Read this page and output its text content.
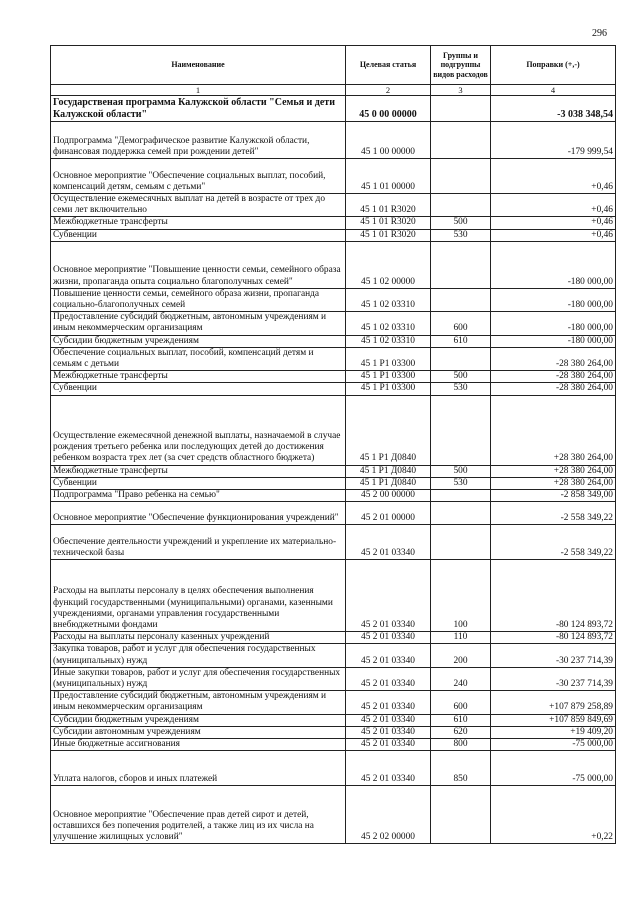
296
Наименование	Целевая статья	Группы и подгруппы видов расходов	Поправки (+,-)
1	2	3	4
Государственая программа Калужской области "Семья и дети Калужской области"	45 0 00 00000		-3 038 348,54
Подпрограмма "Демографическое развитие Калужской области, финансовая поддержка семей при рождении детей"	45 1 00 00000		-179 999,54
Основное мероприятие "Обеспечение социальных выплат, пособий, компенсаций детям, семьям с детьми"	45 1 01 00000		+0,46
Осуществление ежемесячных выплат на детей в возрасте от трех до семи лет включительно	45 1 01 R3020		+0,46
Межбюджетные трансферты	45 1 01 R3020	500	+0,46
Субвенции	45 1 01 R3020	530	+0,46
Основное мероприятие "Повышение ценности семьи, семейного образа жизни, пропаганда опыта социально благополучных семей"	45 1 02 00000		-180 000,00
Повышение ценности семьи, семейного образа жизни, пропаганда социально-благополучных семей	45 1 02 03310		-180 000,00
Предоставление субсидий бюджетным, автономным учреждениям и иным некоммерческим организациям	45 1 02 03310	600	-180 000,00
Субсидии бюджетным учреждениям	45 1 02 03310	610	-180 000,00
Обеспечение социальных выплат, пособий, компенсаций детям и семьям с детьми	45 1 P1 03300		-28 380 264,00
Межбюджетные трансферты	45 1 P1 03300	500	-28 380 264,00
Субвенции	45 1 P1 03300	530	-28 380 264,00
Осуществление ежемесячной денежной выплаты, назначаемой в случае рождения третьего ребенка или последующих детей до достижения ребенком возраста трех лет (за счет средств областного бюджета)	45 1 P1 Д0840		+28 380 264,00
Межбюджетные трансферты	45 1 P1 Д0840	500	+28 380 264,00
Субвенции	45 1 P1 Д0840	530	+28 380 264,00
Подпрограмма "Право ребенка на семью"	45 2 00 00000		-2 858 349,00
Основное мероприятие "Обеспечение функционирования учреждений"	45 2 01 00000		-2 558 349,22
Обеспечение деятельности учреждений и укрепление их материально-технической базы	45 2 01 03340		-2 558 349,22
Расходы на выплаты персоналу в целях обеспечения выполнения функций государственными (муниципальными) органами, казенными учреждениями, органами управления государственными внебюджетными фондами	45 2 01 03340	100	-80 124 893,72
Расходы на выплаты персоналу казенных учреждений	45 2 01 03340	110	-80 124 893,72
Закупка товаров, работ и услуг для обеспечения государственных (муниципальных) нужд	45 2 01 03340	200	-30 237 714,39
Иные закупки товаров, работ и услуг для обеспечения государственных (муниципальных) нужд	45 2 01 03340	240	-30 237 714,39
Предоставление субсидий бюджетным, автономным учреждениям и иным некоммерческим организациям	45 2 01 03340	600	+107 879 258,89
Субсидии бюджетным учреждениям	45 2 01 03340	610	+107 859 849,69
Субсидии автономным учреждениям	45 2 01 03340	620	+19 409,20
Иные бюджетные ассигнования	45 2 01 03340	800	-75 000,00
Уплата налогов, сборов и иных платежей	45 2 01 03340	850	-75 000,00
Основное мероприятие "Обеспечение прав детей сирот и детей, оставшихся без попечения родителей, а также лиц из их числа на улучшение жилищных условий"	45 2 02 00000		+0,22
